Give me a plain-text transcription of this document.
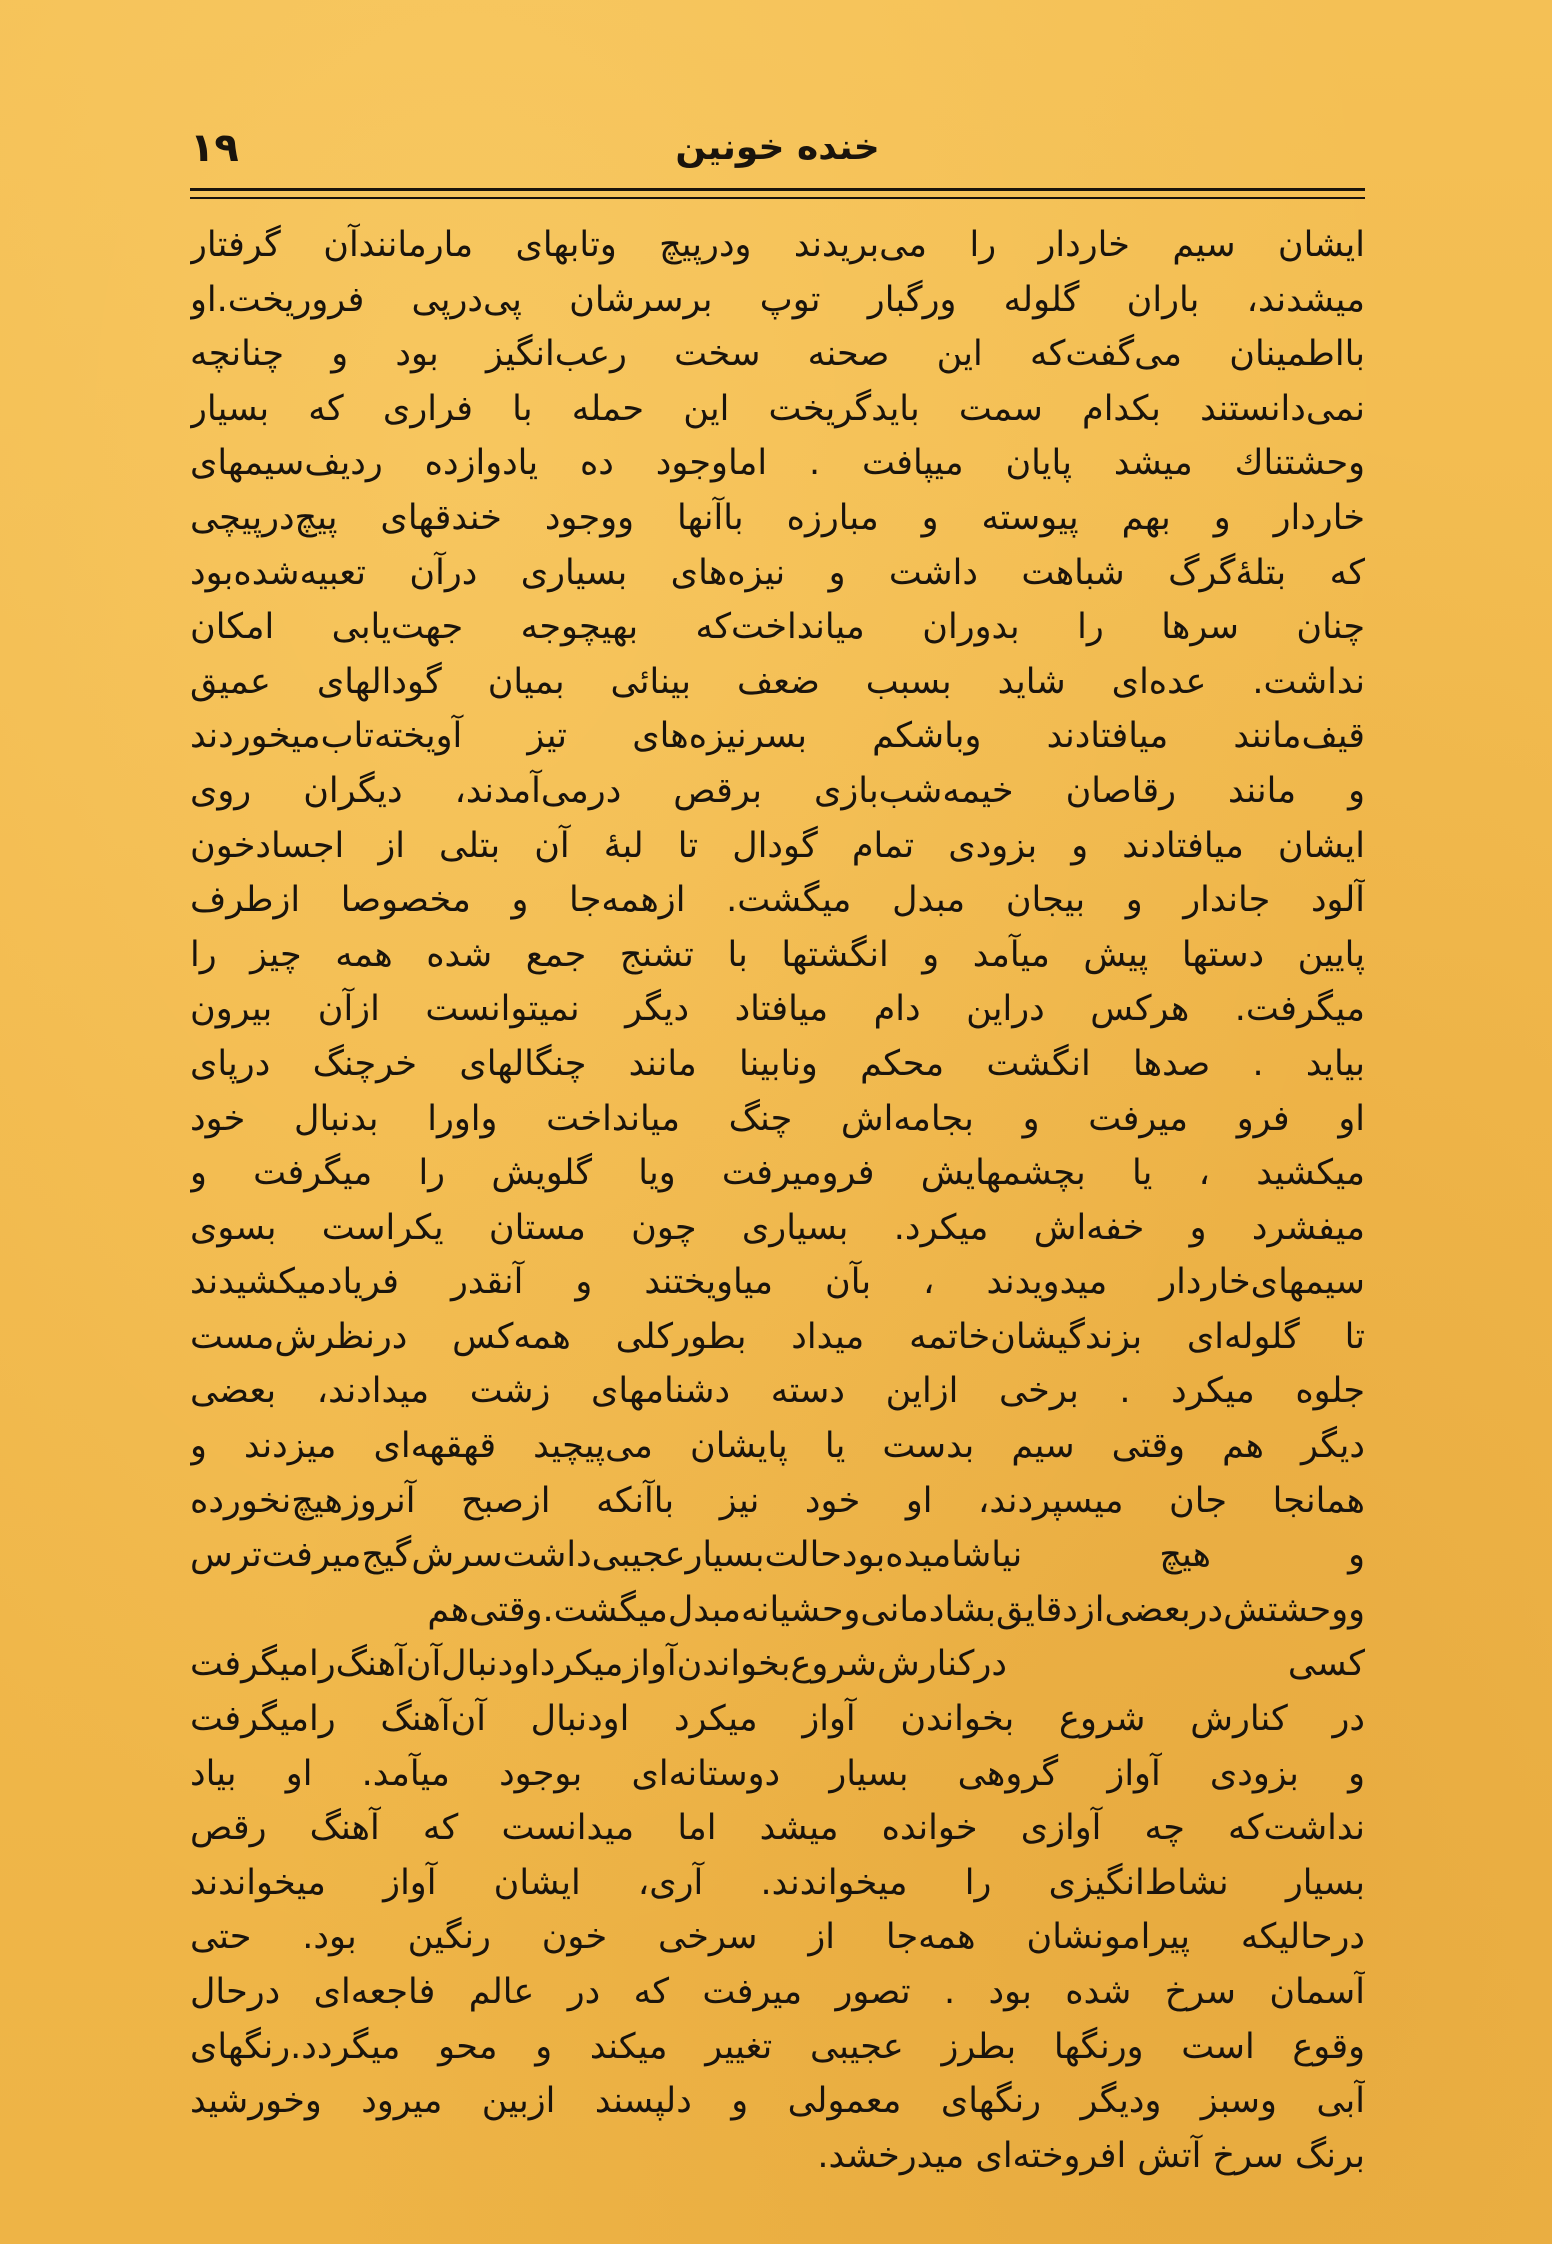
۱۹	خنده خونین
ایشان سیم خاردار را می‌بریدند ودرپیچ وتابهای مارمانندآن گرفتار
میشدند، باران گلوله ورگبار توپ برسرشان پی‌درپی فروریخت.او
بااطمینان می‌گفت‌که این صحنه سخت رعب‌انگیز بود و چنانچه
نمی‌دانستند بکدام سمت بایدگریخت این حمله با فراری که بسیار
وحشتناك میشد پایان میپافت . اماوجود ده یادوازده ردیف‌سیمهای
خاردار و بهم پیوسته و مبارزه باآنها ووجود خندقهای پیچ‌درپیچی
که بتلهٔ‌گرگ شباهت داشت و نیزه‌های بسیاری درآن تعبیه‌شده‌بود
چنان سرها را بدوران میانداخت‌که بهیچوجه جهت‌یابی امکان
نداشت. عده‌ای شاید بسبب ضعف بینائی بمیان گودالهای عمیق
قیف‌مانند میافتادند وباشکم بسرنیزه‌های تیز آویخته‌تاب‌میخوردند
و مانند رقاصان خیمه‌شب‌بازی برقص درمی‌آمدند، دیگران روی
ایشان میافتادند و بزودی تمام گودال تا لبهٔ آن بتلی از اجسادخون
آلود جاندار و بیجان مبدل میگشت. ازهمه‌جا و مخصوصا ازطرف
پایین دستها پیش میآمد و انگشتها با تشنج جمع شده همه چیز را
میگرفت. هرکس دراین دام میافتاد دیگر نمیتوانست ازآن بیرون
بیاید . صدها انگشت محکم ونابینا مانند چنگالهای خرچنگ درپای
او فرو میرفت و بجامه‌اش چنگ میانداخت واورا بدنبال خود
میکشید ، یا بچشمهایش فرومیرفت ویا گلویش را میگرفت و
میفشرد و خفه‌اش میکرد. بسیاری چون مستان یکراست بسوی
سیمهای‌خاردار میدویدند ، بآن میاویختند و آنقدر فریادمیکشیدند
تا گلوله‌ای بزندگیشان‌خاتمه میداد بطورکلی همه‌کس درنظرش‌مست
جلوه میکرد . برخی ازاین دسته دشنامهای زشت میدادند، بعضی
دیگر هم وقتی سیم بدست یا پایشان می‌پیچید قهقهه‌ای میزدند و
همانجا جان میسپردند، او خود نیز باآنکه ازصبح آنروزهیچ‌نخورده
و هیچ نیاشامیده‌بودحالت‌بسیارعجیبی‌داشت‌سرش‌گیج‌میرفت‌ترس
ووحشتش‌دربعضی‌ازدقایق‌بشادمانی‌وحشیانه‌مبدل‌میگشت.وقتی‌هم
کسی درکنارش‌شروع‌بخواندن‌آوازمیکرداودنبال‌آن‌آهنگ‌رامیگرفت
در کنارش شروع بخواندن آواز میکرد اودنبال آن‌آهنگ رامیگرفت
و بزودی آواز گروهی بسیار دوستانه‌ای بوجود میآمد. او بیاد
نداشت‌که چه آوازی خوانده میشد اما میدانست که آهنگ رقص
بسیار نشاط‌انگیزی را میخواندند. آری، ایشان آواز میخواندند
درحالیکه پیرامونشان همه‌جا از سرخی خون رنگین بود. حتی
آسمان سرخ شده بود . تصور میرفت که در عالم فاجعه‌ای درحال
وقوع است ورنگها بطرز عجیبی تغییر میکند و محو میگردد.رنگهای
آبی وسبز ودیگر رنگهای معمولی و دلپسند ازبین میرود وخورشید
برنگ سرخ آتش افروخته‌ای میدرخشد.
